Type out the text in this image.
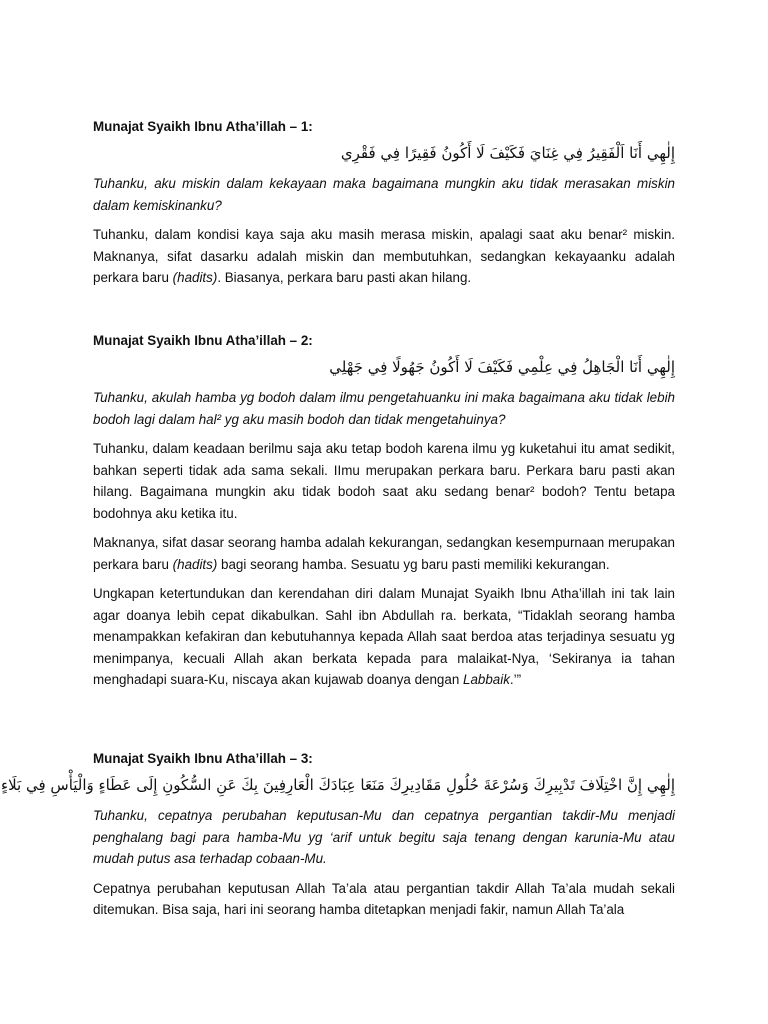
Munajat Syaikh Ibnu Atha’illah – 1:

إِلٰهِي أَنَا اَلْفَقِيرُ فِي غِنَايَ فَكَيْفَ لَا أَكُونُ فَقِيرًا فِي فَقْرِي

Tuhanku, aku miskin dalam kekayaan maka bagaimana mungkin aku tidak merasakan miskin dalam kemiskinanku?

Tuhanku, dalam kondisi kaya saja aku masih merasa miskin, apalagi saat aku benar² miskin. Maknanya, sifat dasarku adalah miskin dan membutuhkan, sedangkan kekayaanku adalah perkara baru (hadits). Biasanya, perkara baru pasti akan hilang.

Munajat Syaikh Ibnu Atha’illah – 2:

إِلٰهِي أَنَا الْجَاهِلُ فِي عِلْمِي فَكَيْفَ لَا أَكُونُ جَهُولًا فِي جَهْلِي

Tuhanku, akulah hamba yg bodoh dalam ilmu pengetahuanku ini maka bagaimana aku tidak lebih bodoh lagi dalam hal² yg aku masih bodoh dan tidak mengetahuinya?

Tuhanku, dalam keadaan berilmu saja aku tetap bodoh karena ilmu yg kuketahui itu amat sedikit, bahkan seperti tidak ada sama sekali. IImu merupakan perkara baru. Perkara baru pasti akan hilang. Bagaimana mungkin aku tidak bodoh saat aku sedang benar² bodoh? Tentu betapa bodohnya aku ketika itu.

Maknanya, sifat dasar seorang hamba adalah kekurangan, sedangkan kesempurnaan merupakan perkara baru (hadits) bagi seorang hamba. Sesuatu yg baru pasti memiliki kekurangan.

Ungkapan ketertundukan dan kerendahan diri dalam Munajat Syaikh Ibnu Atha’illah ini tak lain agar doanya lebih cepat dikabulkan. Sahl ibn Abdullah ra. berkata, “Tidaklah seorang hamba menampakkan kefakiran dan kebutuhannya kepada Allah saat berdoa atas terjadinya sesuatu yg menimpanya, kecuali Allah akan berkata kepada para malaikat-Nya, ‘Sekiranya ia tahan menghadapi suara-Ku, niscaya akan kujawab doanya dengan Labbaik.’”

Munajat Syaikh Ibnu Atha’illah – 3:

إِلٰهِي إِنَّ اخْتِلَافَ تَدْبِيرِكَ وَسُرْعَةَ حُلُولِ مَقَادِيرِكَ مَنَعَا عِبَادَكَ الْعَارِفِينَ بِكَ عَنِ السُّكُونِ إِلَى عَطَاءٍ وَالْيَأْسِ فِي بَلَاءٍ

Tuhanku, cepatnya perubahan keputusan-Mu dan cepatnya pergantian takdir-Mu menjadi penghalang bagi para hamba-Mu yg ‘arif untuk begitu saja tenang dengan karunia-Mu atau mudah putus asa terhadap cobaan-Mu.

Cepatnya perubahan keputusan Allah Ta’ala atau pergantian takdir Allah Ta’ala mudah sekali ditemukan. Bisa saja, hari ini seorang hamba ditetapkan menjadi fakir, namun Allah Ta’ala
